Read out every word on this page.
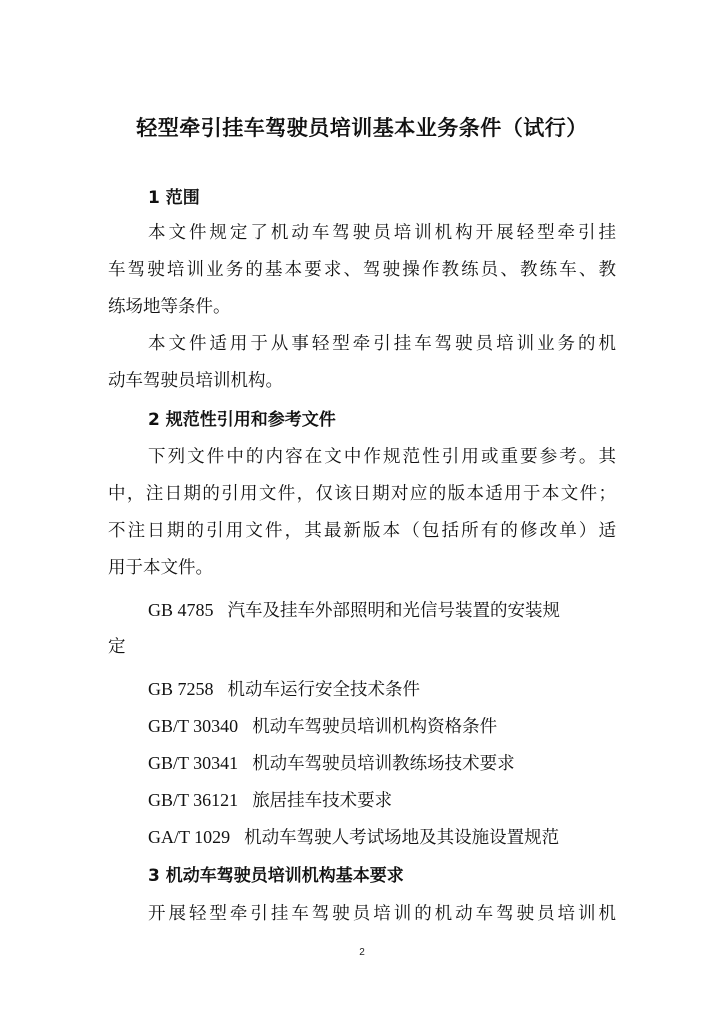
轻型牵引挂车驾驶员培训基本业务条件（试行）
1 范围
本文件规定了机动车驾驶员培训机构开展轻型牵引挂
车驾驶培训业务的基本要求、驾驶操作教练员、教练车、教
练场地等条件。
本文件适用于从事轻型牵引挂车驾驶员培训业务的机
动车驾驶员培训机构。
2 规范性引用和参考文件
下列文件中的内容在文中作规范性引用或重要参考。其
中，注日期的引用文件，仅该日期对应的版本适用于本文件；
不注日期的引用文件，其最新版本（包括所有的修改单）适
用于本文件。
GB 4785 汽车及挂车外部照明和光信号装置的安装规
定
GB 7258 机动车运行安全技术条件
GB/T 30340 机动车驾驶员培训机构资格条件
GB/T 30341 机动车驾驶员培训教练场技术要求
GB/T 36121 旅居挂车技术要求
GA/T 1029 机动车驾驶人考试场地及其设施设置规范
3 机动车驾驶员培训机构基本要求
开展轻型牵引挂车驾驶员培训的机动车驾驶员培训机
2
